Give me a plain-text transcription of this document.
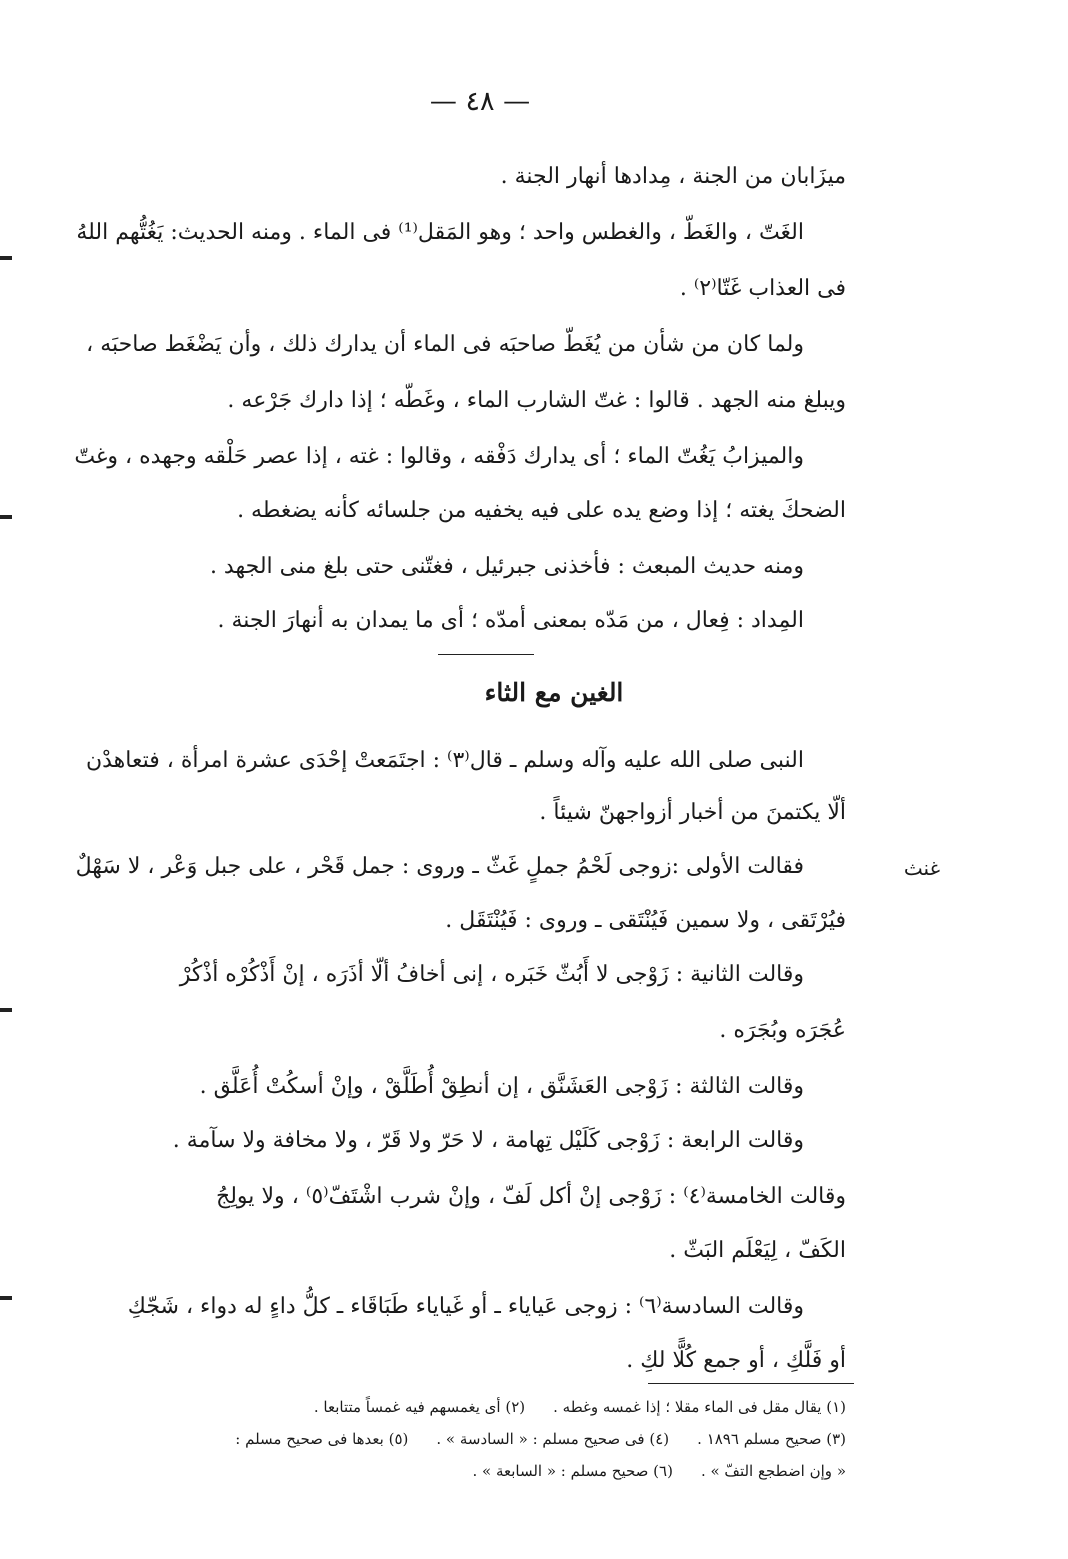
— ٤٨ —
ميزَابان من الجنة ، مِدادها أنهار الجنة .
الغَتّ ، والغَطّ ، والغطس واحد ؛ وهو المَقل⁽¹⁾ فى الماء . ومنه الحديث: يَغُتُّهم اللهُ
فى العذاب غَتّا⁽٢⁾ .
ولما كان من شأن من يُغَطّ صاحبَه فى الماء أن يدارك ذلك ، وأن يَضْغَط صاحبَه ،
ويبلغ منه الجهد . قالوا : غتّ الشارب الماء ، وغَطّه ؛ إذا دارك جَرْعه .
والميزابُ يَغُتّ الماء ؛ أى يدارك دَفْقه ، وقالوا : غته ، إذا عصر حَلْقه وجهده ، وغتّ
الضحكَ يغته ؛ إذا وضع يده على فيه يخفيه من جلسائه كأنه يضغطه .
ومنه حديث المبعث : فأخذنى جبرئيل ، فغتّنى حتى بلغ منى الجهد .
المِداد : فِعال ، من مَدّه بمعنى أمدّه ؛ أى ما يمدان به أنهارَ الجنة .
الغين مع الثاء
النبى صلى الله عليه وآله وسلم ـ قال⁽٣⁾ : اجتَمَعتْ إحْدَى عشرة امرأة ، فتعاهدْن
ألّا يكتمنَ من أخبار أزواجهنّ شيئاً .
غنث
فقالت الأولى :زوجى لَحْمُ جملٍ غَثّ ـ وروى : جمل قَحْر ، على جبل وَعْر ، لا سَهْلٌ
فيُرْتَقى ، ولا سمين فَيُنْتَقى ـ وروى : فَيُنْتَقَل .
وقالت الثانية : زَوْجى لا أَبُثّ خَبَره ، إنى أخافُ ألّا أذَرَه ، إنْ أَذْكُرْه أذْكُرْ
عُجَرَه وبُجَرَه .
وقالت الثالثة : زَوْجى العَشَنَّق ، إن أنطِقْ أُطَلَّقْ ، وإنْ أسكُتْ أُعَلَّق .
وقالت الرابعة : زَوْجى كَلَيْل تِهامة ، لا حَرّ ولا قَرّ ، ولا مخافة ولا سآمة .
وقالت الخامسة⁽٤⁾ : زَوْجى إنْ أكل لَفّ ، وإنْ شرب اشْتَفّ⁽٥⁾ ، ولا يولِجُ
الكَفّ ، لِيَعْلَم البَثّ .
وقالت السادسة⁽٦⁾ : زوجى عَياياء ـ أو غَياياء طَبَاقَاء ـ كلُّ داءٍ له دواء ، شَجّكِ
أو فَلَّكِ ، أو جمع كُلًّا لكِ .
(١) يقال مقل فى الماء مقلا ؛ إذا غمسه وغطه .(٢) أى يغمسهم فيه غمساً متتابعا .
(٣) صحيح مسلم ١٨٩٦ .(٤) فى صحيح مسلم : « السادسة » .(٥) بعدها فى صحيح مسلم :
« وإن اضطجع التفّ » .(٦) صحيح مسلم : « السابعة » .
